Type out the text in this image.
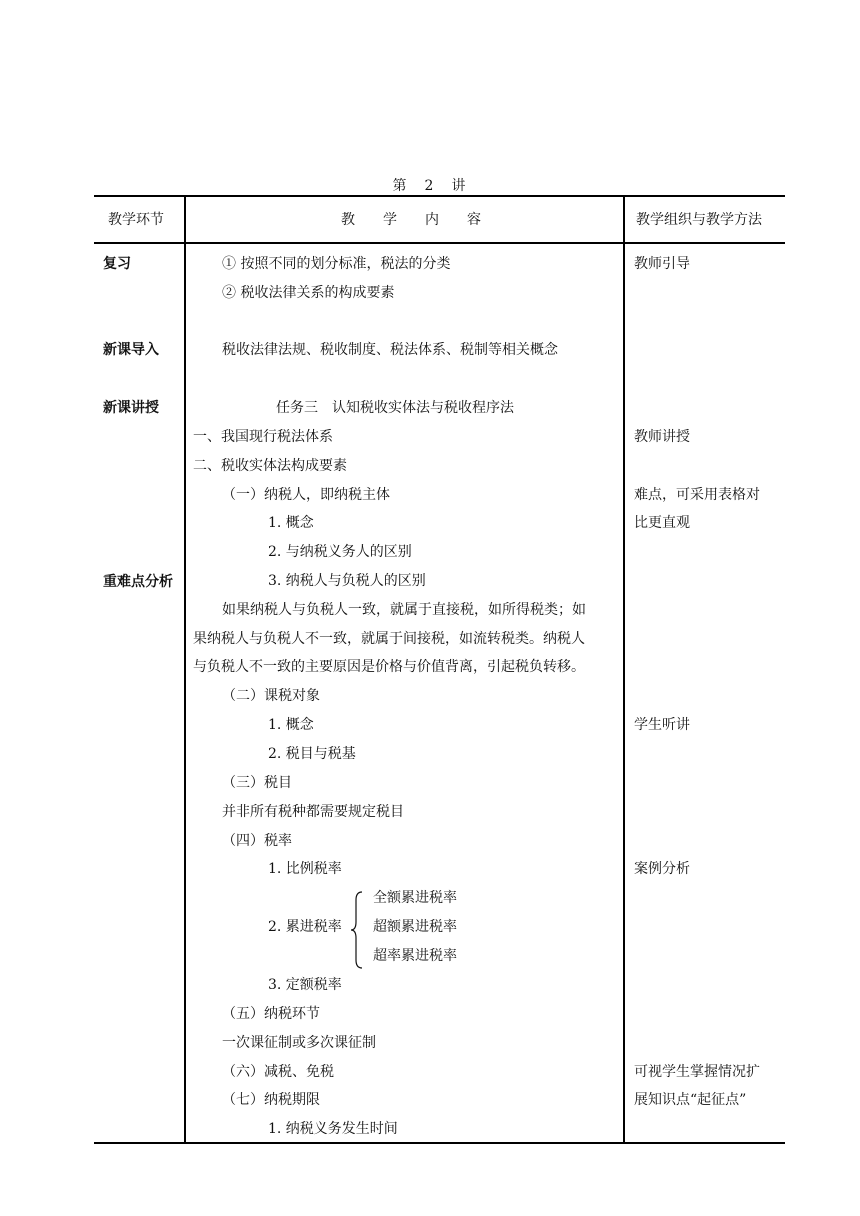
第　2　讲
教学环节	教　　学　　内　　容	教学组织与教学方法
复习
新课导入
新课讲授
重难点分析
① 按照不同的划分标准，税法的分类
② 税收法律关系的构成要素
税收法律法规、税收制度、税法体系、税制等相关概念
任务三　认知税收实体法与税收程序法
一、我国现行税法体系
二、税收实体法构成要素
（一）纳税人，即纳税主体
1. 概念
2. 与纳税义务人的区别
3. 纳税人与负税人的区别
如果纳税人与负税人一致，就属于直接税，如所得税类；如
果纳税人与负税人不一致，就属于间接税，如流转税类。纳税人
与负税人不一致的主要原因是价格与价值背离，引起税负转移。
（二）课税对象
1. 概念
2. 税目与税基
（三）税目
并非所有税种都需要规定税目
（四）税率
1. 比例税率
全额累进税率
2. 累进税率 超额累进税率
超率累进税率
3. 定额税率
（五）纳税环节
一次课征制或多次课征制
（六）减税、免税
（七）纳税期限
1. 纳税义务发生时间
教师引导
教师讲授
难点，可采用表格对
比更直观
学生听讲
案例分析
可视学生掌握情况扩
展知识点“起征点”
